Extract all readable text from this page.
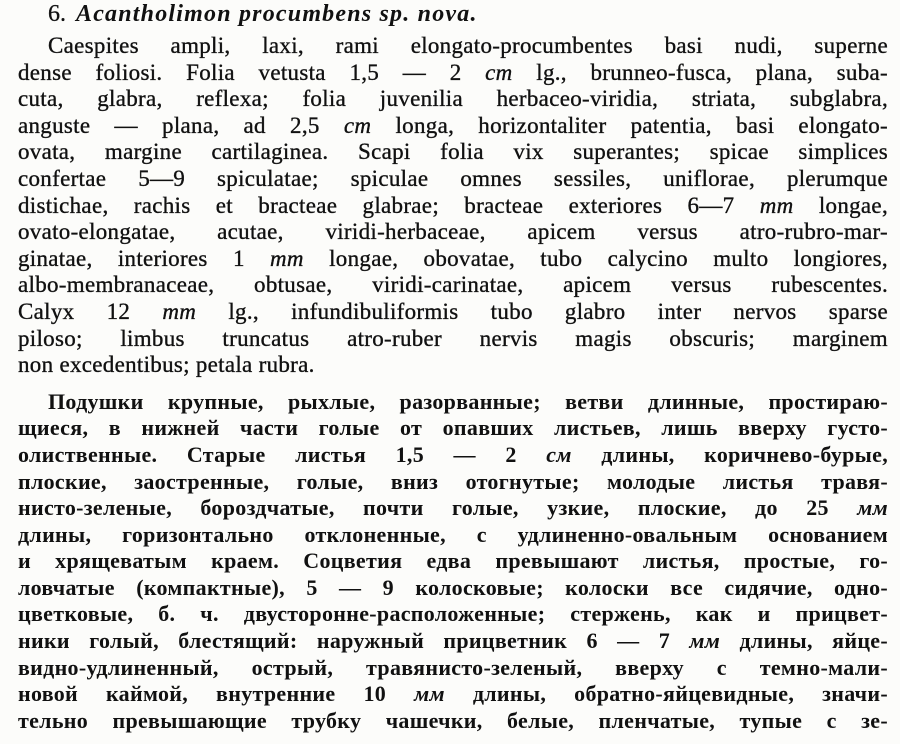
6. Acantholimon procumbens sp. nova.
Caespites ampli, laxi, rami elongato-procumbentes basi nudi, superne
dense foliosi. Folia vetusta 1,5 — 2 cm lg., brunneo-fusca, plana, suba-
cuta, glabra, reflexa; folia juvenilia herbaceo-viridia, striata, subglabra,
anguste — plana, ad 2,5 cm longa, horizontaliter patentia, basi elongato-
ovata, margine cartilaginea. Scapi folia vix superantes; spicae simplices
confertae 5—9 spiculatae; spiculae omnes sessiles, uniflorae, plerumque
distichae, rachis et bracteae glabrae; bracteae exteriores 6—7 mm longae,
ovato-elongatae, acutae, viridi-herbaceae, apicem versus atro-rubro-mar-
ginatae, interiores 1 mm longae, obovatae, tubo calycino multo longiores,
albo-membranaceae, obtusae, viridi-carinatae, apicem versus rubescentes.
Calyx 12 mm lg., infundibuliformis tubo glabro inter nervos sparse
piloso; limbus truncatus atro-ruber nervis magis obscuris; marginem
non excedentibus; petala rubra.
Подушки крупные, рыхлые, разорванные; ветви длинные, простираю-
щиеся, в нижней части голые от опавших листьев, лишь вверху густо-
олиственные. Старые листья 1,5 — 2 см длины, коричнево-бурые,
плоские, заостренные, голые, вниз отогнутые; молодые листья травя-
нисто-зеленые, бороздчатые, почти голые, узкие, плоские, до 25 мм
длины, горизонтально отклоненные, с удлиненно-овальным основанием
и хрящеватым краем. Соцветия едва превышают листья, простые, го-
ловчатые (компактные), 5 — 9 колосковые; колоски все сидячие, одно-
цветковые, б. ч. двусторонне-расположенные; стержень, как и прицвет-
ники голый, блестящий: наружный прицветник 6 — 7 мм длины, яйце-
видно-удлиненный, острый, травянисто-зеленый, вверху с темно-мали-
новой каймой, внутренние 10 мм длины, обратно-яйцевидные, значи-
тельно превышающие трубку чашечки, белые, пленчатые, тупые с зе-
